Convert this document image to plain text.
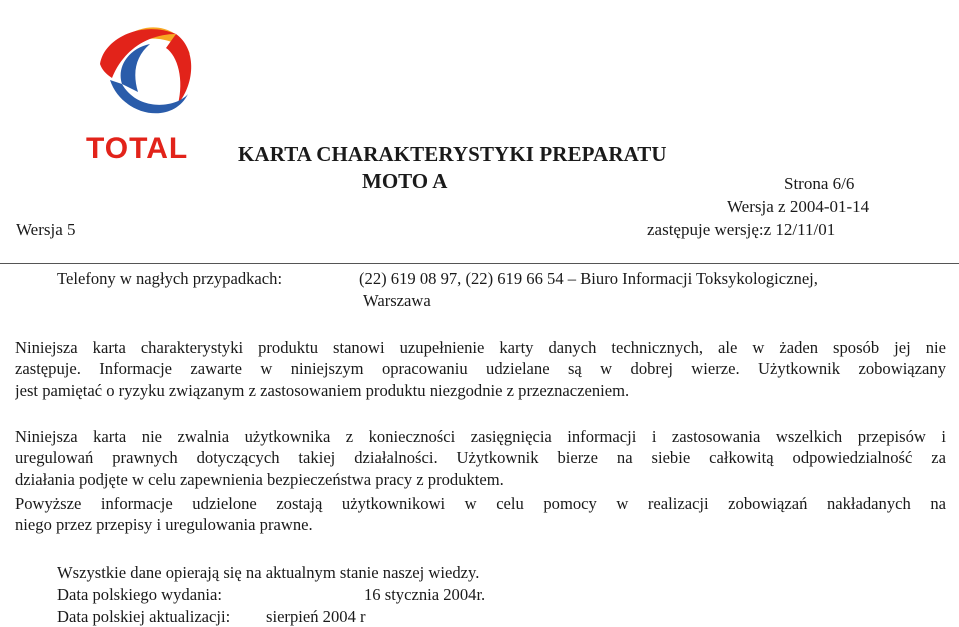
TOTAL KARTA CHARAKTERYSTYKI PREPARATU
MOTO A	Strona 6/6
Wersja z 2004-01-14
Wersja 5	zastępuje wersję:z 12/11/01
Telefony w nagłych przypadkach:	(22) 619 08 97, (22) 619 66 54 – Biuro Informacji Toksykologicznej,
Warszawa
Niniejsza karta charakterystyki produktu stanowi uzupełnienie karty danych technicznych, ale w żaden sposób jej nie
zastępuje. Informacje zawarte w niniejszym opracowaniu udzielane są w dobrej wierze. Użytkownik zobowiązany
jest pamiętać o ryzyku związanym z zastosowaniem produktu niezgodnie z przeznaczeniem.
Niniejsza karta nie zwalnia użytkownika z konieczności zasięgnięcia informacji i zastosowania wszelkich przepisów i
uregulowań prawnych dotyczących takiej działalności. Użytkownik bierze na siebie całkowitą odpowiedzialność za
działania podjęte w celu zapewnienia bezpieczeństwa pracy z produktem.
Powyższe informacje udzielone zostają użytkownikowi w celu pomocy w realizacji zobowiązań nakładanych na
niego przez przepisy i uregulowania prawne.
Wszystkie dane opierają się na aktualnym stanie naszej wiedzy.
Data polskiego wydania:	16 stycznia 2004r.
Data polskiej aktualizacji: sierpień 2004 r
